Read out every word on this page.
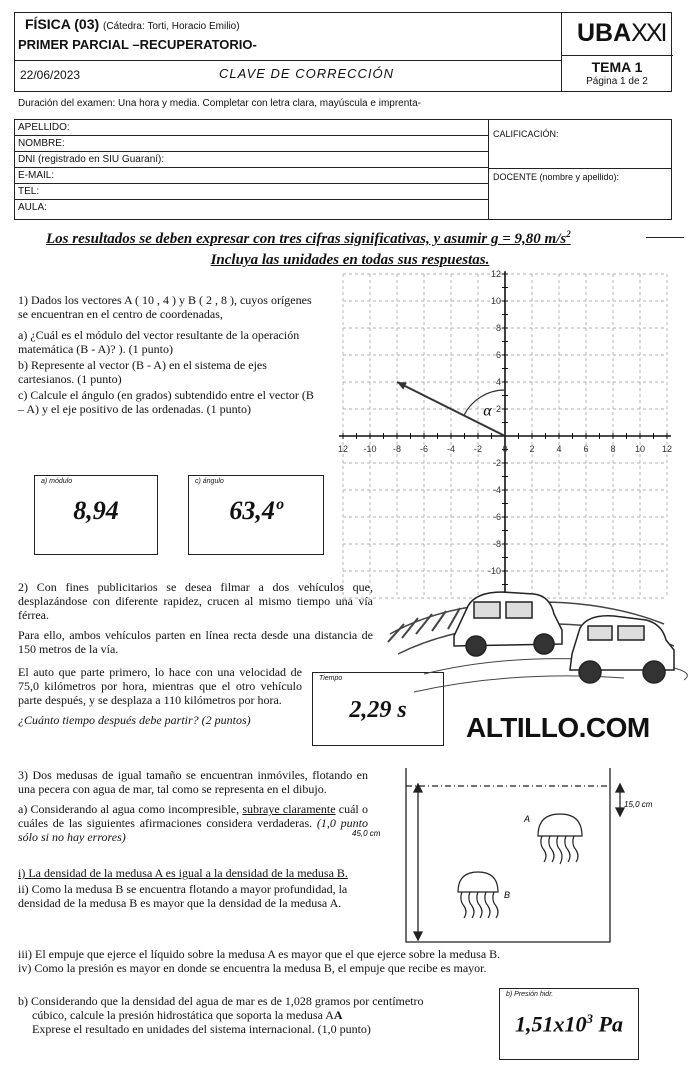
FÍSICA (03) (Cátedra: Torti, Horacio Emilio)
PRIMER PARCIAL –RECUPERATORIO-	UBAXXI
22/06/2023	CLAVE DE CORRECCIÓN	TEMA 1
Página 1 de 2
Duración del examen: Una hora y media. Completar con letra clara, mayúscula e imprenta-
APELLIDO:
NOMBRE:
DNI (registrado en SIU Guaraní):
E-MAIL:
TEL:
AULA:
CALIFICACIÓN:
DOCENTE (nombre y apellido):
Los resultados se deben expresar con tres cifras significativas, y asumir g = 9,80 $m/s^2$
Incluya las unidades en todas sus respuestas.

1) Dados los vectores A ( 10 , 4 ) y B ( 2 , 8 ), cuyos orígenes se encuentran en el centro de coordenadas,

a) ¿Cuál es el módulo del vector resultante de la operación matemática (B - A)? ). (1 punto)

b) Represente al vector (B - A) en el sistema de ejes cartesianos. (1 punto)

c) Calcule el ángulo (en grados) subtendido entre el vector (B – A) y el eje positivo de las ordenadas. (1 punto)

a) módulo
8,94
c) ángulo
63,4º
12 -10 -8 -6 -4 -2 0 2 4 6 8 10 12
12
10
8
6
4
2
-2
-4
-6
-8
-10
α

2) Con fines publicitarios se desea filmar a dos vehículos que, desplazándose con diferente rapidez, crucen al mismo tiempo una vía férrea.

Para ello, ambos vehículos parten en línea recta desde una distancia de 150 metros de la vía.

El auto que parte primero, lo hace con una velocidad de 75,0 kilómetros por hora, mientras que el otro vehículo parte después, y se desplaza a 110 kilómetros por hora.

¿Cuánto tiempo después debe partir? (2 puntos)

Tiempo
2,29 s
ALTILLO.COM

3) Dos medusas de igual tamaño se encuentran inmóviles, flotando en una pecera con agua de mar, tal como se representa en el dibujo.

a) Considerando al agua como incompresible, subraye claramente cuál o cuáles de las siguientes afirmaciones considera verdaderas. (1,0 punto sólo si no hay errores)

i) La densidad de la medusa A es igual a la densidad de la medusa B.

ii) Como la medusa B se encuentra flotando a mayor profundidad, la densidad de la medusa B es mayor que la densidad de la medusa A.

iii) El empuje que ejerce el líquido sobre la medusa A es mayor que el que ejerce sobre la medusa B.

iv) Como la presión es mayor en donde se encuentra la medusa B, el empuje que recibe es mayor.

45,0 cm
15,0 cm
A
B

b) Considerando que la densidad del agua de mar es de 1,028 gramos por centímetro

cúbico, calcule la presión hidrostática que soporta la medusa AA

Exprese el resultado en unidades del sistema internacional. (1,0 punto)

b) Presión hidr.
$1,51x10^3$ Pa
